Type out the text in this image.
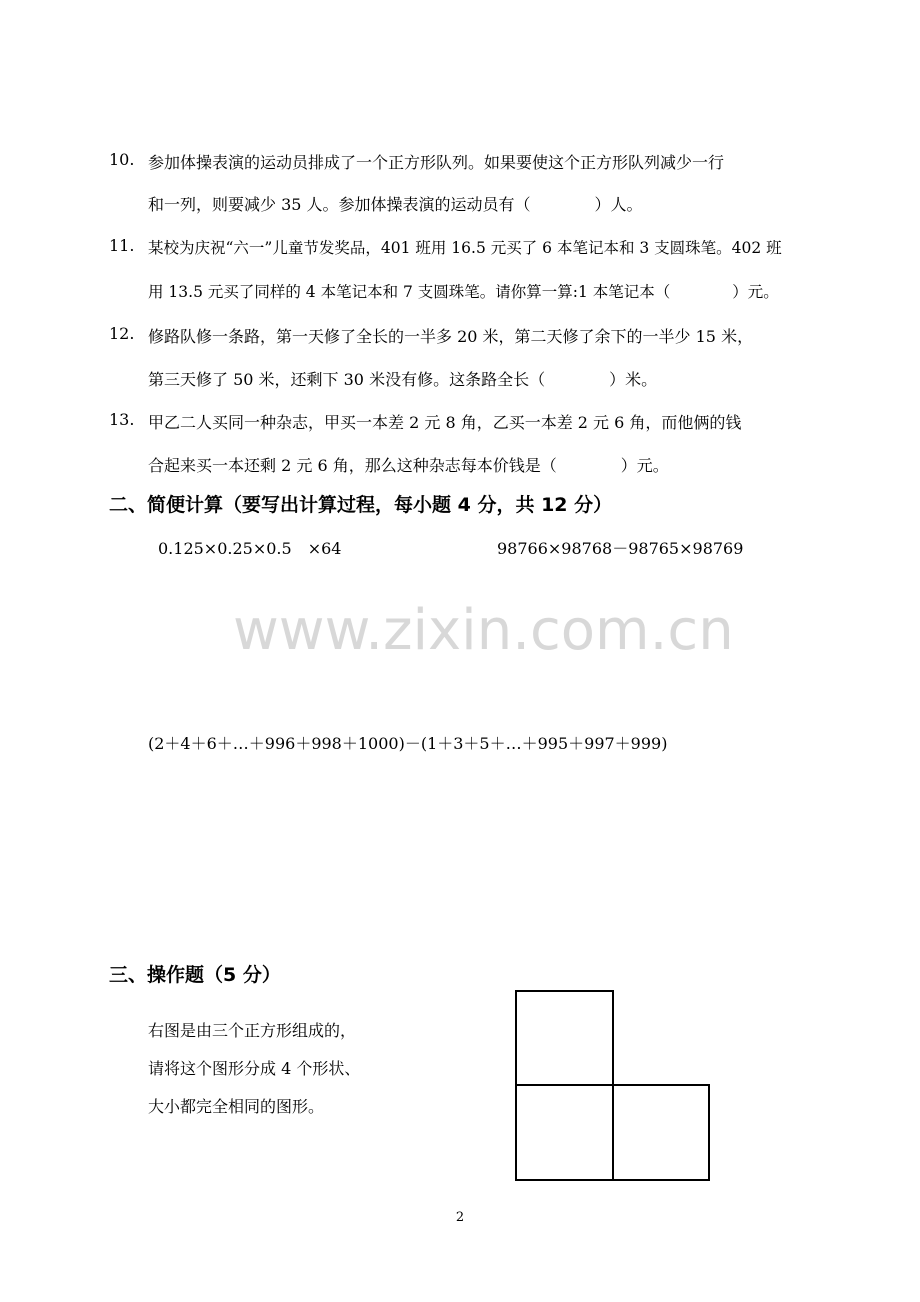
10. 参加体操表演的运动员排成了一个正方形队列。如果要使这个正方形队列减少一行
和一列，则要减少 35 人。参加体操表演的运动员有（　　　　）人。
11. 某校为庆祝“六一”儿童节发奖品，401 班用 16.5 元买了 6 本笔记本和 3 支圆珠笔。402 班
用 13.5 元买了同样的 4 本笔记本和 7 支圆珠笔。请你算一算:1 本笔记本（　　　　）元。
12. 修路队修一条路，第一天修了全长的一半多 20 米，第二天修了余下的一半少 15 米，
第三天修了 50 米，还剩下 30 米没有修。这条路全长（　　　　）米。
13. 甲乙二人买同一种杂志，甲买一本差 2 元 8 角，乙买一本差 2 元 6 角，而他俩的钱
合起来买一本还剩 2 元 6 角，那么这种杂志每本价钱是（　　　　）元。
二、简便计算（要写出计算过程，每小题 4 分，共 12 分）
0.125×0.25×0.5　×64	98766×98768－98765×98769
www.zixin.com.cn
(2＋4＋6＋…＋996＋998＋1000)－(1＋3＋5＋…＋995＋997＋999)
三、操作题（5 分）
右图是由三个正方形组成的，
请将这个图形分成 4 个形状、
大小都完全相同的图形。
2
